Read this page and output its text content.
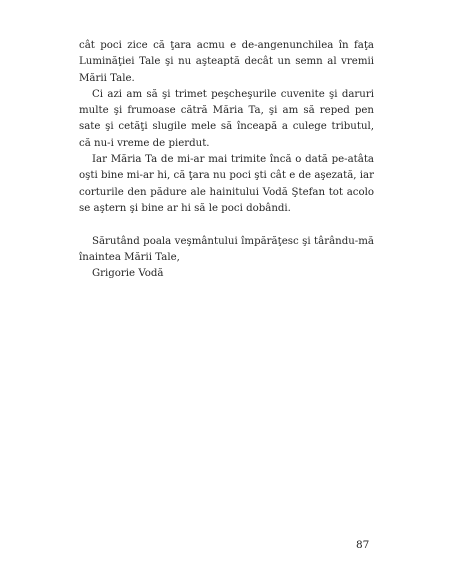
cât poci zice că ţara acmu e de-angenunchilea în faţa Luminăţiei Tale şi nu aşteaptă decât un semn al vremii Mării Tale.

Ci azi am să şi trimet peşcheşurile cuvenite şi daruri multe şi frumoase cătră Măria Ta, şi am să reped pen sate şi cetăţi slugile mele să înceapă a culege tributul, că nu-i vreme de pierdut.

Iar Măria Ta de mi-ar mai trimite încă o dată pe-atâta oşti bine mi-ar hi, că ţara nu poci şti cât e de aşezată, iar corturile den pădure ale hainitului Vodă Ştefan tot acolo se aştern şi bine ar hi să le poci dobândi.

Sărutând poala veşmântului împărăţesc şi târându-mă înaintea Mării Tale,

Grigorie Vodă

87
